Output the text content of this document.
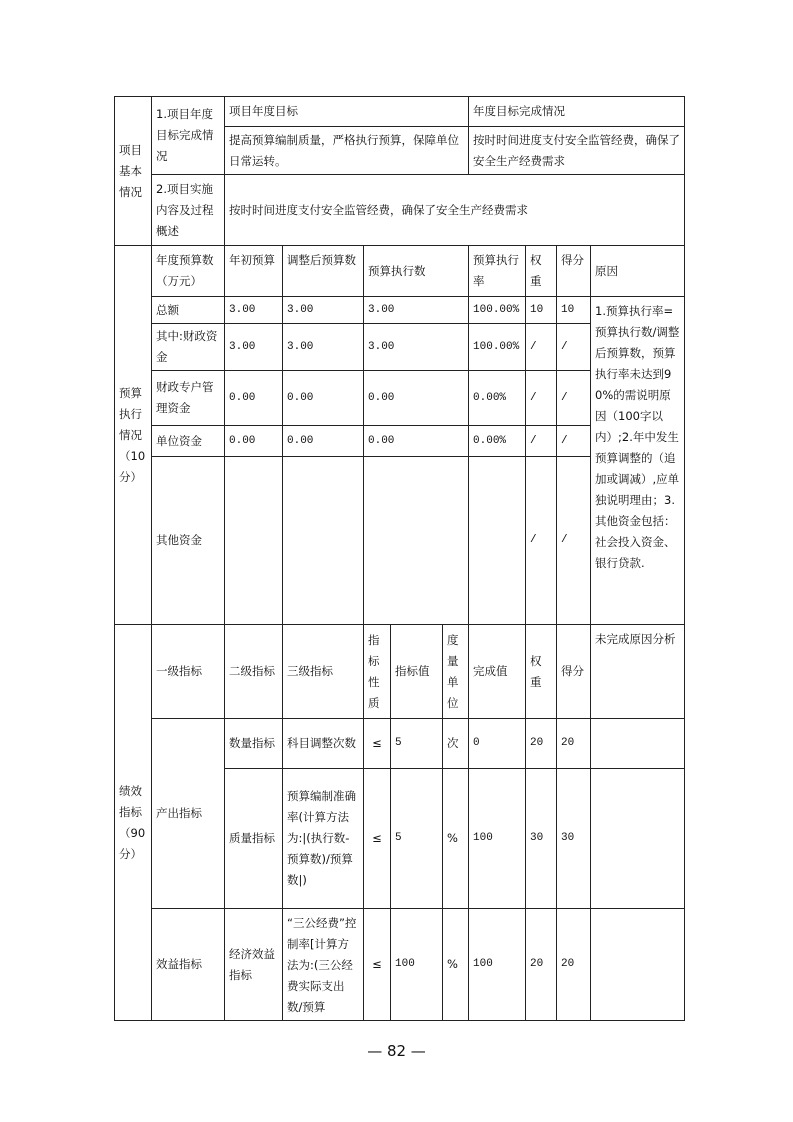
项目基本情况	1.项目年度目标完成情况	项目年度目标					年度目标完成情况			
		提高预算编制质量，严格执行预算，保障单位日常运转。					按时时间进度支付安全监管经费，确保了安全生产经费需求			
	2.项目实施内容及过程概述	按时时间进度支付安全监管经费，确保了安全生产经费需求								
预算执行情况（10分）	年度预算数（万元）	年初预算	调整后预算数	预算执行数			预算执行率	权重	得分	原因
	总额	3.00	3.00	3.00			100.00%	10	10	1.预算执行率=预算执行数/调整后预算数，预算执行率未达到90%的需说明原因（100字以内）;2.年中发生预算调整的（追加或调减）,应单独说明理由；3.其他资金包括：社会投入资金、银行贷款.
	其中:财政资金	3.00	3.00	3.00			100.00%	/	/	
	财政专户管理资金	0.00	0.00	0.00			0.00%	/	/	
	单位资金	0.00	0.00	0.00			0.00%	/	/	
	其他资金							/	/	
绩效指标（90分）	一级指标	二级指标	三级指标	指标性质	指标值	度量单位	完成值	权重	得分	未完成原因分析
	产出指标	数量指标	科目调整次数	≤	5	次	0	20	20	
		质量指标	预算编制准确率(计算方法为:|(执行数-预算数)/预算数|)	≤	5	%	100	30	30	
	效益指标	经济效益指标	“三公经费”控制率[计算方法为:(三公经费实际支出数/预算	≤	100	%	100	20	20	
— 82 —
